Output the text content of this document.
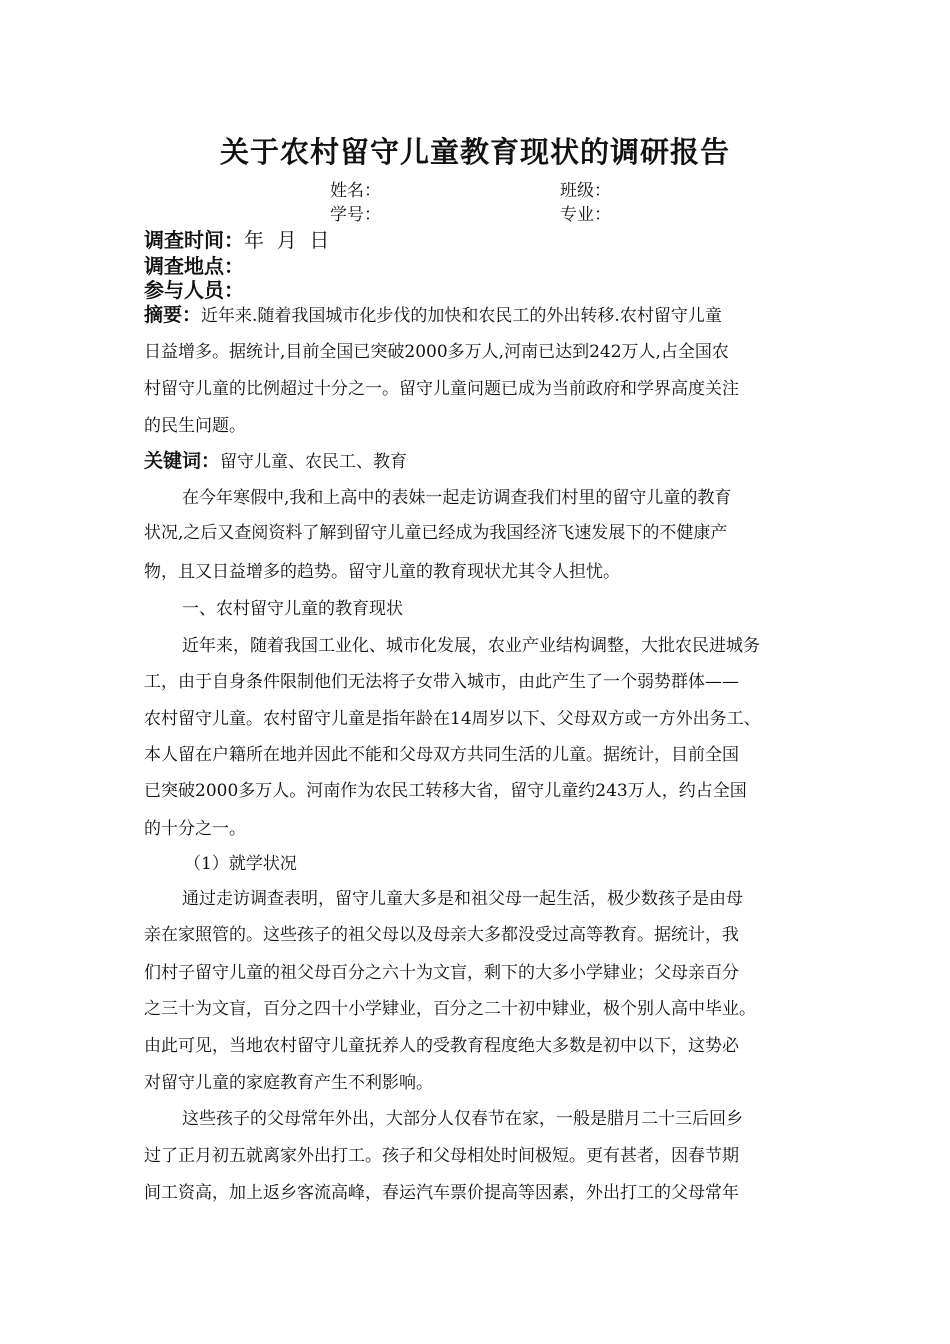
关于农村留守儿童教育现状的调研报告
姓名：	班级：
学号：	专业：
调查时间：年  月  日
调查地点：
参与人员：
摘要：近年来.随着我国城市化步伐的加快和农民工的外出转移.农村留守儿童
日益增多。据统计,目前全国已突破2000多万人,河南已达到242万人,占全国农
村留守儿童的比例超过十分之一。留守儿童问题已成为当前政府和学界高度关注
的民生问题。
关键词：留守儿童、农民工、教育
在今年寒假中,我和上高中的表妹一起走访调查我们村里的留守儿童的教育
状况,之后又查阅资料了解到留守儿童已经成为我国经济飞速发展下的不健康产
物，且又日益增多的趋势。留守儿童的教育现状尤其令人担忧。
一、农村留守儿童的教育现状
近年来，随着我国工业化、城市化发展，农业产业结构调整，大批农民进城务
工，由于自身条件限制他们无法将子女带入城市，由此产生了一个弱势群体——
农村留守儿童。农村留守儿童是指年龄在14周岁以下、父母双方或一方外出务工、
本人留在户籍所在地并因此不能和父母双方共同生活的儿童。据统计，目前全国
已突破2000多万人。河南作为农民工转移大省，留守儿童约243万人，约占全国
的十分之一。
（1）就学状况
通过走访调查表明，留守儿童大多是和祖父母一起生活，极少数孩子是由母
亲在家照管的。这些孩子的祖父母以及母亲大多都没受过高等教育。据统计，我
们村子留守儿童的祖父母百分之六十为文盲，剩下的大多小学肄业；父母亲百分
之三十为文盲，百分之四十小学肄业，百分之二十初中肄业，极个别人高中毕业。
由此可见，当地农村留守儿童抚养人的受教育程度绝大多数是初中以下，这势必
对留守儿童的家庭教育产生不利影响。
这些孩子的父母常年外出，大部分人仅春节在家，一般是腊月二十三后回乡
过了正月初五就离家外出打工。孩子和父母相处时间极短。更有甚者，因春节期
间工资高，加上返乡客流高峰，春运汽车票价提高等因素，外出打工的父母常年
